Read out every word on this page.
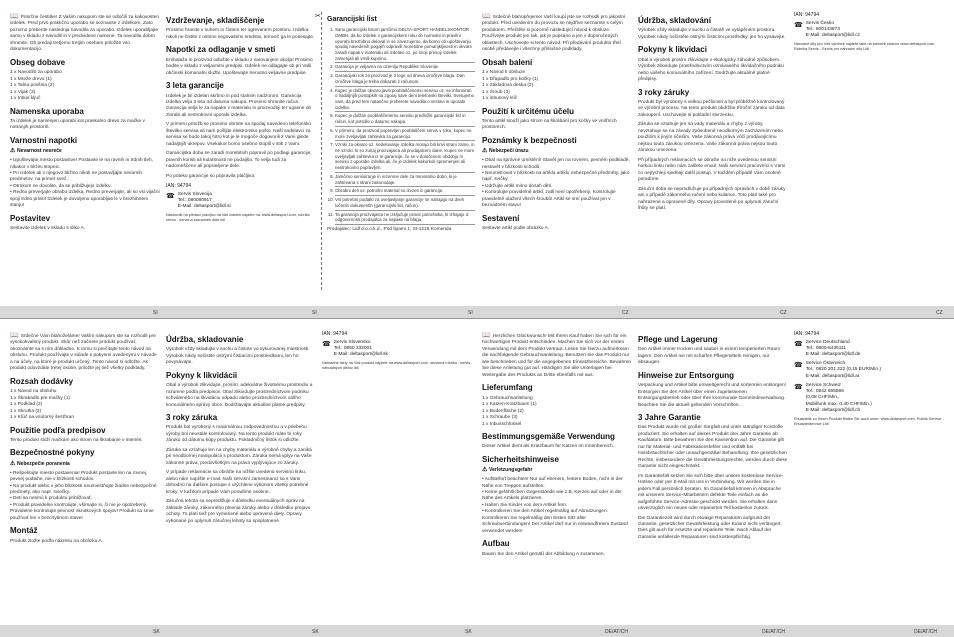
📖 Prisrčne čestitke! Z Vašim nakupom ste se odločili za kakovosten izdelek. Pred prvo praktično uporabo se seznanite z izdelkom. Zato pozorno preberite naslednja navodila za uporabo. Izdelek uporabljajte samo v skladu z navodili in v predvidene namene. Ta navodila dobro shranite. Ob predaji tretjemu tretjim osebam priložite vso dokumentacijo.

Obseg dobave
1 x Navodilo za uporabo
1 x Mreže drevo (1)
1 x Talna povšina (2)
1 x Vijak (3)
1 x Inbus ključ
Namenska uporaba

Ta izdelek je namenjen uporabi kot praskalno drevo za mačke v notranjih prostorih.

Varnostni napotki
⚠ Nevarnost nesreče
• Upoštevajte mesto postavitve! Postavite le na ravnih in trdnih tleh, nikakor v bližini stopnic.
• Pri izdelek ali v njegovo bližino nikoli ne postavljajte nevarnih predmetov, na primer sveč.
• Otrokom ne dovolite, da se približujejo izdelku.
• Redno preverjajte obrabo izdelka. Redno preverjajte, ali so vsi vijačni spoji trdno priviti! Izdelek je dovoljeno uporabljati le v brezhibnem stanju!
Postavitev

Sestavite izdelek v skladu s sliko A.

Vzdrževanje, skladiščenje

Prosimo hranite v suhem in čistem ter ogrevanem prostoru. Izdelka nikoli ne čistite z ostrimi negovalnimi sredstvi, temveč ga le posesajte.

Napotki za odlaganje v smeti

Embalaža in proizvod odložite v skladu z varovanjem okolja! Prosimo bodite v skladu z veljavnimi predpisi. Izdelek ne odlagajte ob pri Vaši občinski komunalni službi. Upoštevajte trenutno veljavne predpise.

3 leta garancije

Izdelek je bil izdelan skrbno in pod stalnim nadzorom. Garancija izdelka velja 3 leta od datuma nakupa. Prosimo shranite račun. Garancija velja le za napake v materialu in proizvodnji ter ugasne ob zlorabi ali nestrokovni uporabi izdelka.

V primeru pritožb se prosimo obrnite na spodaj navedeno telefonsko številko servisa ali nam pošljite elektronsko pošto. Naši sodelavci za servisa se bodo takoj hitro kot je le mogoče dogovorili z Vami glede nadaljnjih ukrepov. Vsekakor bomo osebno stopili v stik z Vami.

Garancijska doba se zaradi morebitnih popravil po podlagi garancije, pravnih koristi ali kulantnosti ne podaljša. To velja tudi za nadomeščene ali popravljene dele.

Po poteku garancije so popravila plačljiva.

IAN: 94794
☎ Servis Slovenija
Tel.: 080080917
E-Mail: deltasport@lidl.si

Naslovnik na plinsko pravljico na Vaš izdelek najdete na: www.deltasport.com, rubrika servis - servis-a zaznamek dobi lidl

✂ Garancijski list
1. Sami garancijski listom jamčimo DELTA-SPORT HANDELSKONTOR GMBH, da bo izdelek v garancijskem roku ob normalni in pravilni uporabi brezhibno deloval in se zavezujemo, da bomo ob upoštevanju spodaj navedenih pogojih odpravili morebitne pomanjkljivosti in okvare zaradi napak v materialu ali izdelavi oz. po svoji presoji izdelek zamenjali ali vrnili kupnino.
2. Garancija je veljavna na ozemlju Republike Slovenije.
3. Garancijski rok za proizvod je 3 lege od dneva izročitve blaga. Dan izročitve blaga je treba dokazati z računom.
4. Kupec je dolžan okvaro javiti pooblaščenemu servisu oz. se informirati o nadaljnjih postopkih na zgoraj nave deni telefonski številki. Svetujemo vam, da pred tem natančno preberete navodila o sestavi in uporabi izdelka.
5. Kupec je dolžan pooblaščenemu servisu predložiti garancijski list in račun, kot potrdilo o datumu nakupa.
6. V primeru, da proizvod popravljen pooblaščeni servis v roku, kupec ne more zveljavljati zahtevka za garancijo.
7. Vzroki za okvaro oz. nedelovanje izdelka morajo biti krivi strani zame, in ne vzroki, ki so zunaj proizvajalca ali prodajalcem dane. Kupec ne more uveljavljati zahtevka iz te garancije, če se v določenem obdobju ni servisu z uporabe izdelka ali, če je izdelek kakorkoli spremenjen ali nestrokovno popravljen.
8. Jamčimo servisiranje in rezervne dele za minimalno dobo, ki je zahtevana s strani zakonodaje.
9. Obrabni deli oz. potrošni material so izvzeti iz garancije.
10. Vsi potrebni podatki za uveljavljanje garancije se nahajajo na dveh ločenih dokumentih (garancijski list, račun).
11. Ta garancija proizvajalca ne izključuje pravic potrošnika, ki izhajajo iz odgovornosti prodajalca za napake na blagu.

Prodajalec: Lidl d.o.o.k.d., Pod lipami 1, SI-1218 Komenda

📖 Srdečně blahopřejeme! Vaší koupí jste se rozhodli pro jakostní produkt. Před uvedením do provozu se nejdříve seznamte s celým produktem. Přečtěte si pozorně následující návod k obsluze. Používejte produkt jen tak, jak je popsáno a jen v doporučených oblastech. Uschovejte si tento návod. Při předávání produktu třetí osobě předávejte i všechny příslušné podklady.

Obsah balení
1 x Návod k obsluze
1 x Dřapadlo pro kočky (1)
1 x Základová deska (2)
1 x Šroub (3)
1 x inbusový klíč
Použití k určitému účelu

Tento artikl slouží jako strom na škrábání pro kočky ve vnitřních prostorech.

Poznámky k bezpečnosti
⚠ Nebezpečí úrazu
• Dbat na správné umístění! Stavět jen na rovném, pevném podkladě, nestavět v blízkosti schodů.
• Neumisťovat v blízkosti na artiklu artiklu nebezpečné předměty, jako např. svíčky.
• Udržujte artikl mimo dosah dětí.
• Kontrolujte pravidelně artikl, zatli není opotřebený. Kontrolujte pravidelně utažení všech šroubů! Artikl se smí používat jen v bezvadném stavu!
Sestavení

Sestavte artikl podle obrázku A.

Údržba, skladování

Výrobek vždy skladujte v suchu a čistotě ve vytápěném prostoru. Výrobek nikdy nečistěte ostrými čisticími prostředky, jen ho vysávejte.

Pokyny k likvidaci

Obal a výrobek prosím zlikvidujte v ekologicky záhodné způsobem. Výrobek zlikvidujte prostřednictvím uznávaného likvidačního podniku nebo vašeho komunálního zařízení. Dodržujte aktuálně platné předpisy.

3 roky záruky

Produkt byl vyrobený s velkou pečlivostí a byl průběžně kontrolovaný ve výrobní procesu. Na tento produkt obdržíte tříroční záruku od data zakoupení. Uschovejte si pokladní stvrzenku.

Záruka se vztahuje jen na vady materiálu a chyby z výroby, nevztahuje se na závady způsobené neodborným zacházením nebo použitím k jiným účelům. Vaše zákonná práva vůči prodávajícímu nejsou touto zárukou omezena. Vaše zákonná práva nejsou touto zárukou omezena.

Při případných reklamacích se obraťte na níže uvedenou servisní horkou linku nebo nám zašlete email. Naši servisní pracovníci s Vámi co nejrychleji sjednají další postup. V každém případě Vám osobně poradíme.

Záruční doba se neprodlužuje po případných opravách v době záruky ani v případě zákonného ručení nebo kulance. Toto platí také pro nahrazené a opravené díly. Opravy provedené po uplynutí záruční lhůty se platí.

IAN: 94794
☎ Servis Česko
Tel.: 800143873
E-Mail: deltasport@lidl.cz

Návodné díly pro Váš výrobek najdete také na webové stránce www.deltasport.com, Rubrika Servis - Servis pro náhradní díly Lidl

SI	SI	SI	CZ	CZ	CZ

📖 Srdečne Vám blahoželáme! Vaším nákupom ste sa rozhodli pre vysokokvalitný produkt. Skôr než začnete produkt používať, oboznámte sa s ním dôkladne. K tomu si prečítajte tento návod na obsluhu. Produkt používajte v súlade s pokynmi uvedenými v návode a na účely, na ktoré je produkt určený. Tento návod si odložte. Ak produkt odovzdáte tretej osobe, priložte jej tiež všetky podklady.

Rozsah dodávky
1 x Návod na obsluhu
1 x Škrabadlo pre mačky (1)
1 x Podklad (2)
1 x Skrutka (3)
1 x Kľúč na vnútorný šesťhran
Použitie podľa predpisov

Tento produkt slúži mačkám ako strom na škrabanie v interiéri.

Bezpečnostné pokyny
⚠ Nebezpečie poranenia
• Rešpektujte miesto postavenia! Produkt postavte len na rovnej, pevnej podlahe, nie v blízkosti schodov.
• Na produkt alebo v jeho blízkosti neumiestňujte žiadne nebezpečné predmety, ako napr. sviečky.
• Deti sa nesmú k produktu približovať.
• Produkt pravidelne kontrolujte, všímajte si, či nie je opotrebený. Pravidelne kontrolujte pevnosť skrutkových spojov! Produkt sa smie používať len v bezchybnom stave!
Montáž

Produkt zložte podľa nákresu na obrázku A.

Údržba, skladovanie

Výrobok vždy skladujte v suchu a čistote vo vykurovanej miestnosti. Výrobok nikdy nečistite ostrými čistiacimi prostriedkami, len ho povysávajte.

Pokyny k likvidácii

Obal a výrobok zlikvidujte, prosím, adekvátne životnému prostrediu a rozumne podľa predpisov. Obal zlikvidujte prostredníctvom podniku schváleného na likvidáciu odpadu alebo prostredníctvom vášho komunálneho správy obce. Dodržiavajte aktuálne platné predpisy.

3 roky záruka

Produkt bol vyrobený s maximálnou zodpovednosťou a v priebehu výroby bol neustále kontrolovaný. Na tento produkt máte tri roky záruku od dátumu kúpy produktu. Pokladničný lístok si odložte.

Záruka sa vzťahuje len na chyby materiálu a výrobné chyby a zaniká pri neodbornej manipulácii s produktom. Záruka nemá vplyv na Vaše zákonné práva, predovšetkým na práva vyplývajúce zo záruky.

V prípade reklamácie sa obráťte na nižšie uvedenú servisnú linku, alebo nám napíšte e-mail. Naši servisní zamestnanci sa s Vami dohodnú na ďalšom postupe s urýchlene výkonom všetky potrebné kroky. V každom prípade Vám poradíme osobne.

Záručná lehota sa nepredlžuje v dôsledku eventuálnych opráv na základe záruky, zákonného plnenia záruky alebo v dôsledku prejavu ochoty. To platí tiež pre vymenené alebo opravené diely. Opravy vykonané po uplynutí záručnej lehoty sú spoplatnené.

IAN: 94794
☎ Servis Slovensko
Tel.: 0850 232001
E-Mail: deltasport@lidl.sk

Náhradné diely na Váš produkt nájdete na www.deltasport.com, servisná rubrika - servis náhradných dielov lidl

📖 Herzlichen Glückwunsch! Mit Ihrem Kauf haben Sie sich für ein hochwertiges Produkt entschieden. Machen Sie sich vor der ersten Verwendung mit dem Produkt vertraut. Lesen Sie hierzu aufmerksam die nachfolgende Gebrauchsanleitung. Benutzen Sie das Produkt nur wie beschrieben und für die angegebenen Einsatzbereiche. Bewahren Sie diese Anleitung gut auf. Händigen Sie alle Unterlagen bei Weitergabe des Produkts an Dritte ebenfalls mit aus.

Lieferumfang
1 x Gebrauchsanleitung
1 x Katzen-Kratzbaum (1)
1 x Bodenfläche (2)
1 x Schraube (3)
1 x Inbusschlüssel
Bestimmungsgemäße Verwendung

Dieser Artikel dient als Kratzbaum für Katzen im Innenbereich.

Sicherheitshinweise
⚠ Verletzungsgefahr
• Aufstellort beachten! Nur auf ebenem, festem Boden, nicht in der Nähe von Treppen aufstellen.
• Keine gefährlichen Gegenstände wie z.B. Kerzen auf oder in der Nähe des Artikels platzieren.
• Halten Sie Kinder von dem Artikel fern.
• Kontrollieren Sie den Artikel regelmäßig auf Abnutzungen. Kontrollieren Sie regelmäßig den festen Sitz aller Schraubverbindungen! Der Artikel darf nur in einwandfreiem Zustand verwendet werden!
Aufbau

Bauen Sie den Artikel gemäß der Abbildung A zusammen.

Pflege und Lagerung

Den Artikel immer trocken und sauber in einem temperierten Raum lagern. Den Artikel nie mit scharfen Pflegemitteln reinigen, nur absaugen.

Hinweise zur Entsorgung

Verpackung und Artikel bitte umweltgerecht und sortenrein entsorgen! Entsorgen Sie den Artikel über einen zugelassenen Entsorgungsbetrieb oder über Ihre kommunale Gemeindeverwaltung. Beachten Sie die aktuell geltenden Vorschriften.

3 Jahre Garantie

Das Produkt wurde mit großer Sorgfalt und unter ständiger Kontrolle produziert. Sie erhalten auf dieses Produkt drei Jahre Garantie ab Kaufdatum. Bitte bewahren Sie den Kassenbon auf. Die Garantie gilt nur für Material- und Fabrikationsfehler und entfällt bei missbräuchlicher oder unsachgemäßer Behandlung. Ihre gesetzlichen Rechte, insbesondere die Gewährleistungsrechte, werden durch diese Garantie nicht eingeschränkt.

Im Garantiefall setzen Sie sich bitte über unsere kostenlose Service-Hotline oder per E-Mail mit uns in Verbindung. Wir werden Sie in jedem Fall persönlich beraten. Im Garantiefall können in Absprache mit unserem Service-Mitarbeitern defekte Teile einfach an die aufgeführte Service-Adresse geschickt werden. Sie erhalten dann unverzüglich ein neues oder repariertes Teil kostenlos zurück.

Die Garantiezeit wird durch etwaige Reparaturen aufgrund der Garantie, gesetzlicher Gewährleistung oder Kulanz nicht verlängert. Dies gilt auch für ersetzte und reparierte Teile. Nach Ablauf der Garantie anfallende Reparaturen sind kostenpflichtig.

IAN: 94794
☎ Service Deutschland
Tel.: 0800-5435111
E-Mail: deltasport@lidl.de
☎ Service Österreich
Tel.: 0820 201 222 (0,15 EUR/Min.)
E-Mail: deltasport@lidl.at
☎ Service Schweiz
Tel.: 0842 665566
(0,08 CHF/Min.,
Mobilfunk max. 0,40 CHF/Min.)
E-Mail: deltasport@lidl.ch

Ersatzteile zu Ihrem Produkt finden Sie auch unter: www.deltasport.com, Rubrik Service - Ersatzteilservice Lidl

SK	SK	SK	DE/AT/CH	DE/AT/CH	DE/AT/CH
